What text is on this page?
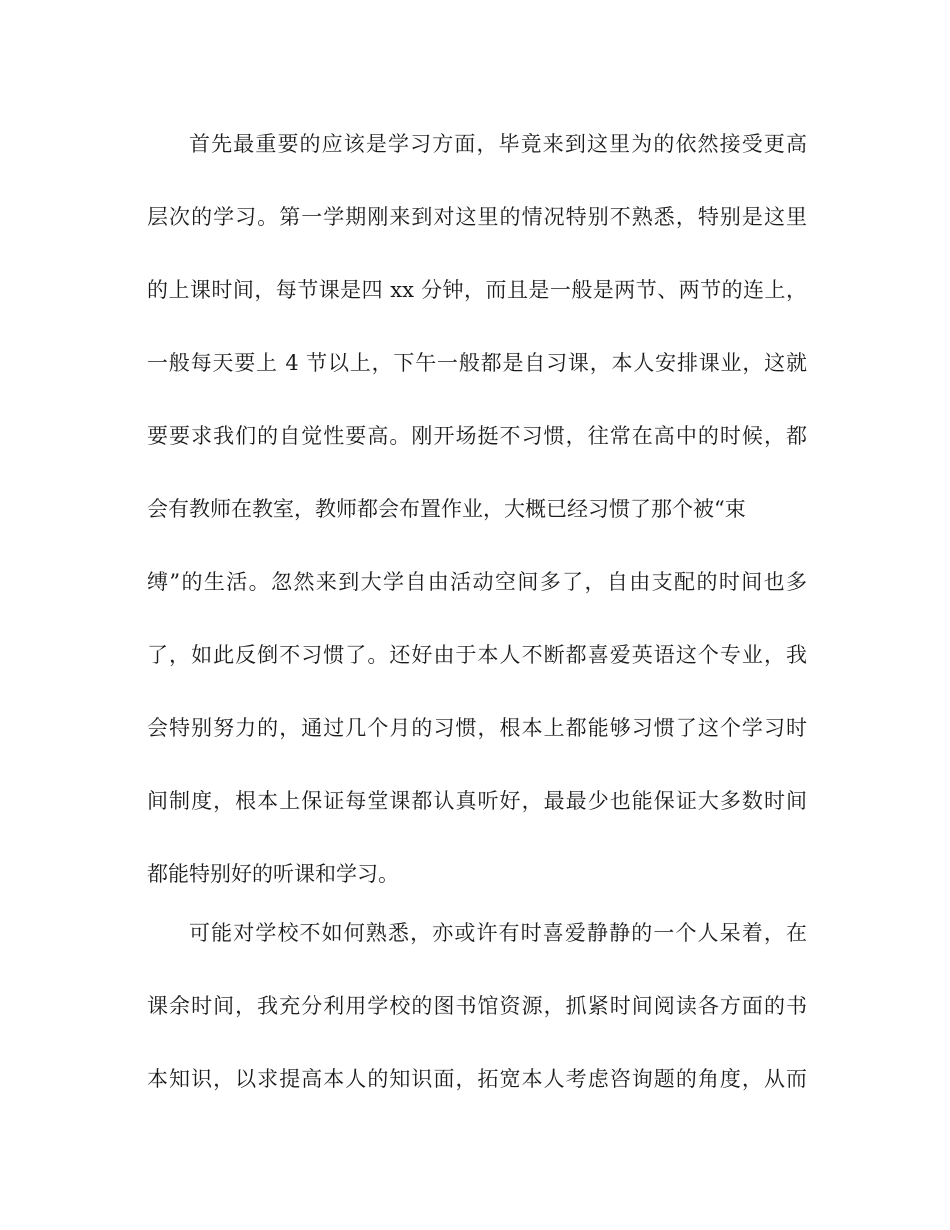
首先最重要的应该是学习方面，毕竟来到这里为的依然接受更高
层次的学习。第一学期刚来到对这里的情况特别不熟悉，特别是这里
的上课时间，每节课是四 xx 分钟，而且是一般是两节、两节的连上，
一般每天要上 4 节以上，下午一般都是自习课，本人安排课业，这就
要要求我们的自觉性要高。刚开场挺不习惯，往常在高中的时候，都
会有教师在教室，教师都会布置作业，大概已经习惯了那个被“束
缚”的生活。忽然来到大学自由活动空间多了，自由支配的时间也多
了，如此反倒不习惯了。还好由于本人不断都喜爱英语这个专业，我
会特别努力的，通过几个月的习惯，根本上都能够习惯了这个学习时
间制度，根本上保证每堂课都认真听好，最最少也能保证大多数时间
都能特别好的听课和学习。
可能对学校不如何熟悉，亦或许有时喜爱静静的一个人呆着，在
课余时间，我充分利用学校的图书馆资源，抓紧时间阅读各方面的书
本知识，以求提高本人的知识面，拓宽本人考虑咨询题的角度，从而
